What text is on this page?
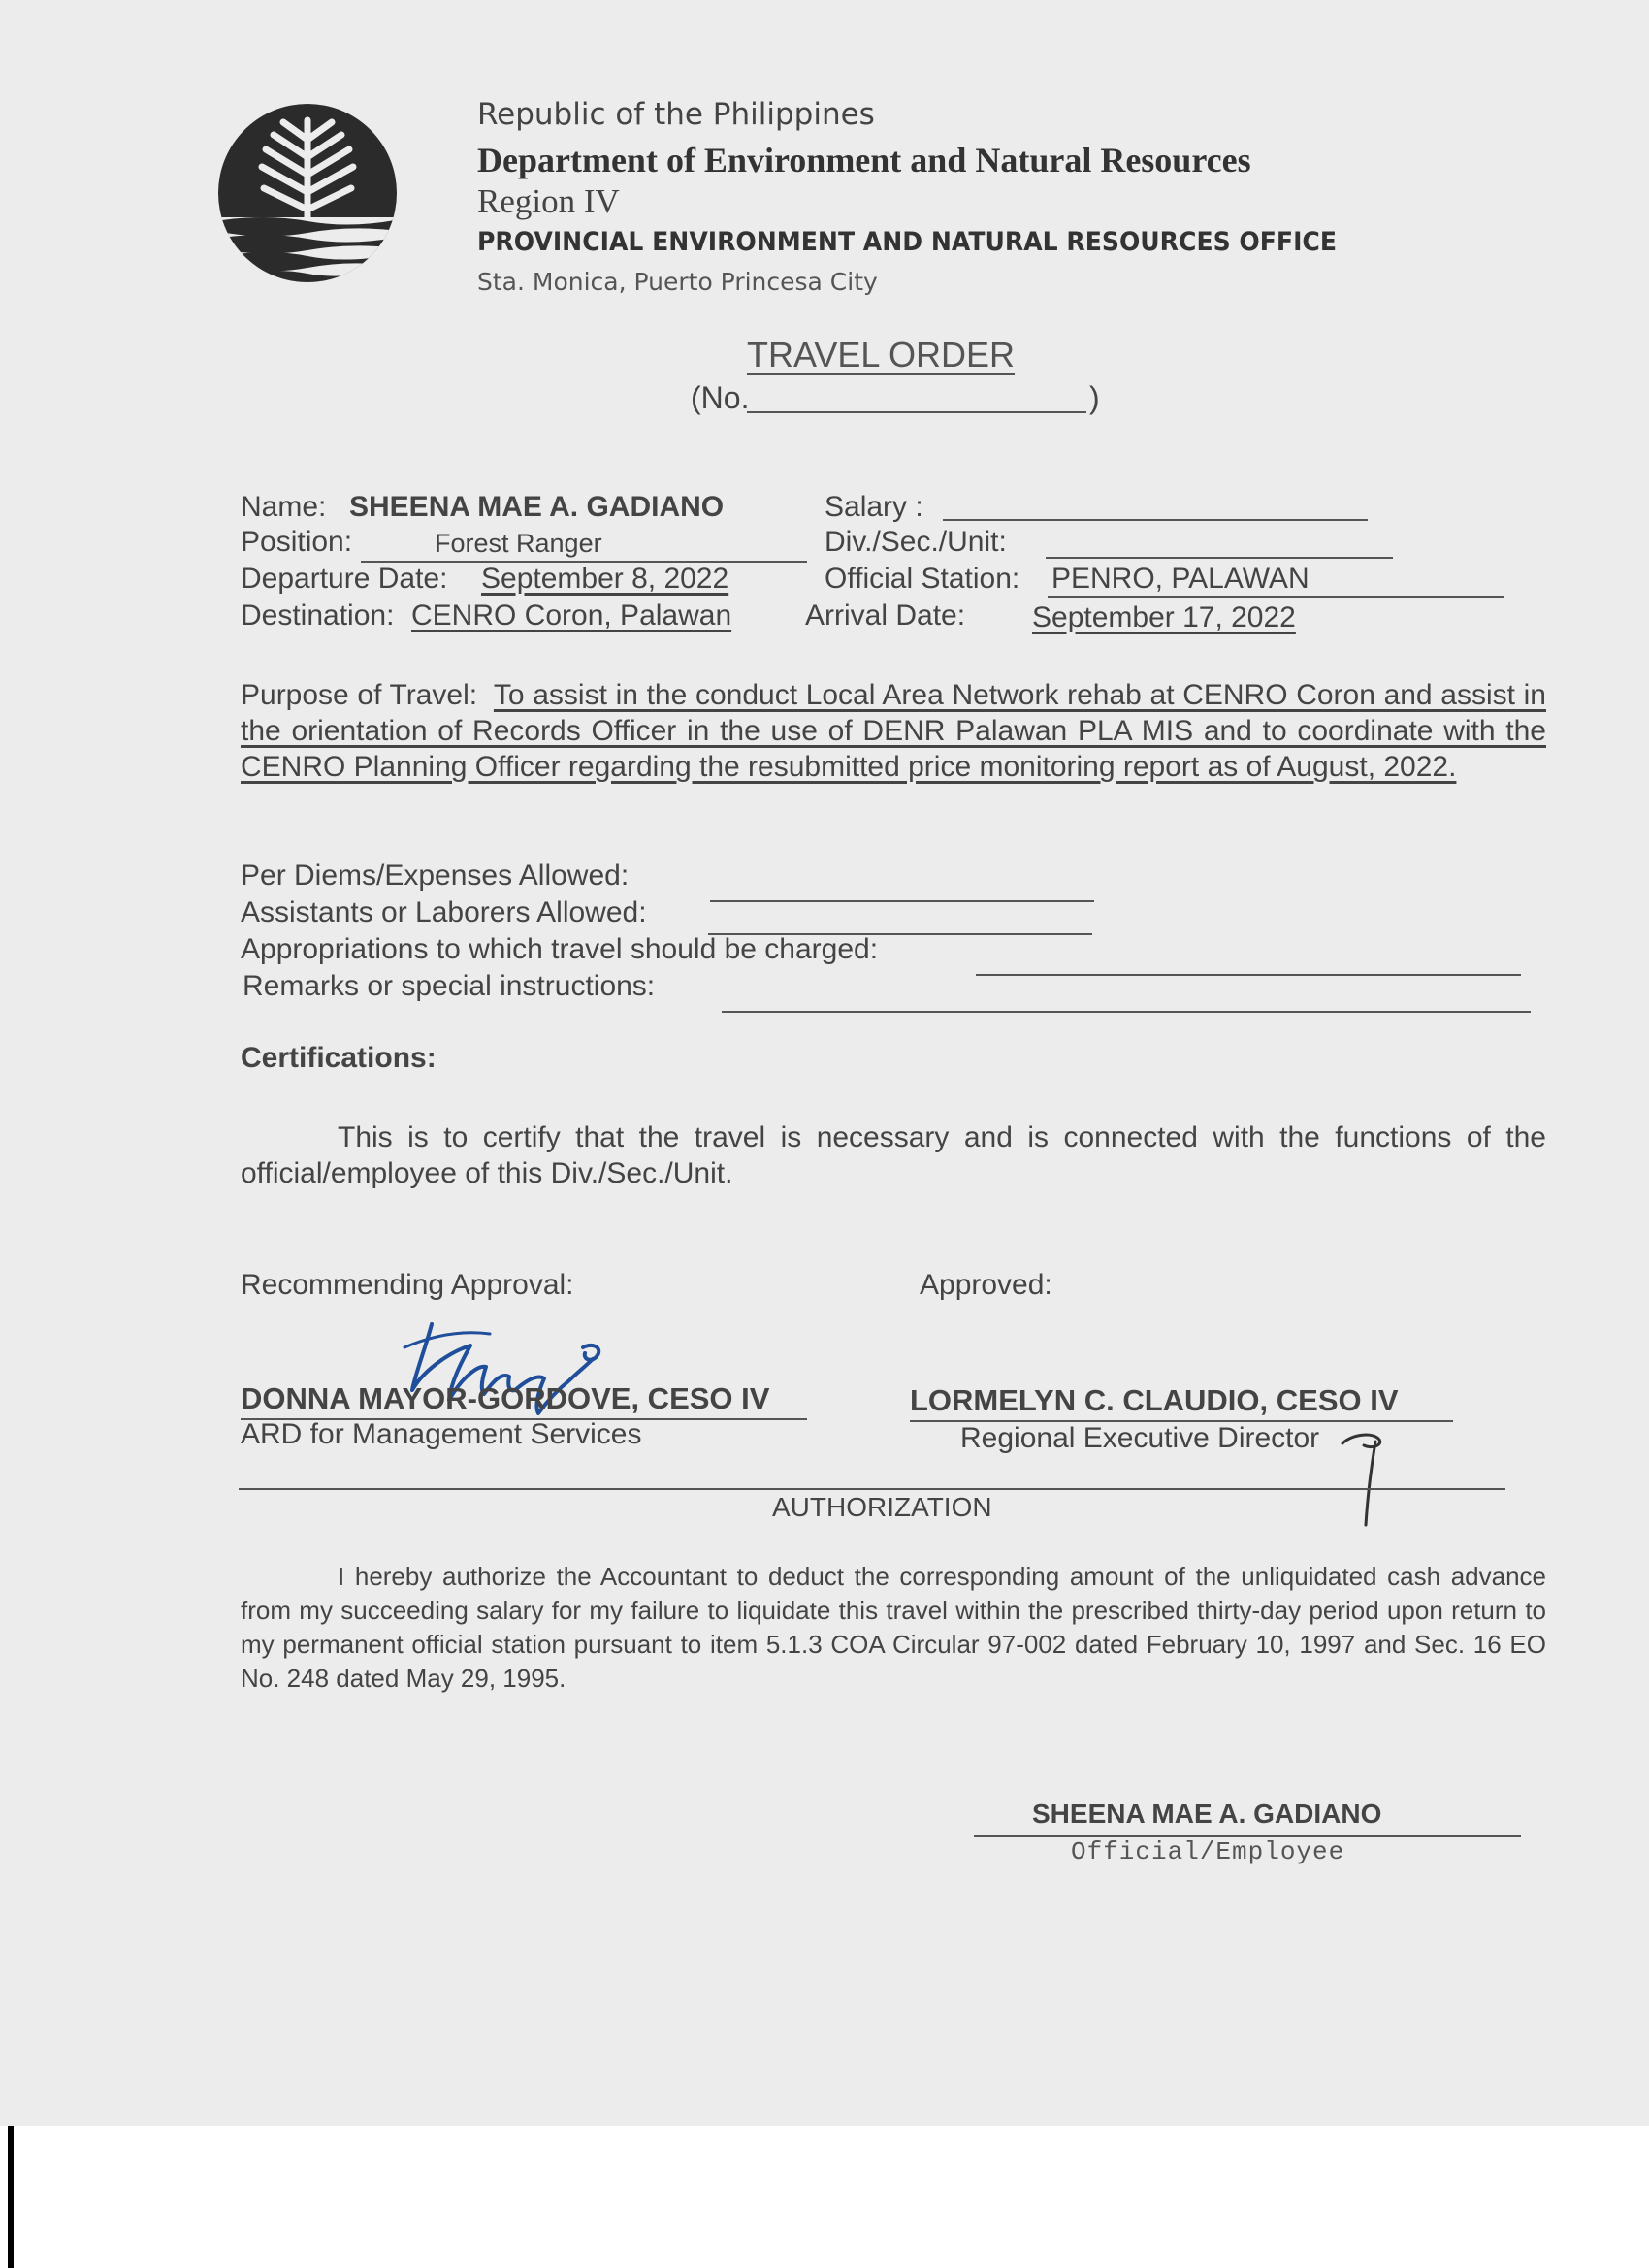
Republic of the Philippines
Department of Environment and Natural Resources
Region IV
PROVINCIAL ENVIRONMENT AND NATURAL RESOURCES OFFICE
Sta. Monica, Puerto Princesa City
TRAVEL ORDER
(No.	)
Name: SHEENA MAE A. GADIANO	Salary :
Position:	Forest Ranger	Div./Sec./Unit:
Departure Date: September 8, 2022	Official Station: PENRO, PALAWAN
Destination: CENRO Coron, Palawan	Arrival Date: September 17, 2022
Purpose of Travel: To assist in the conduct Local Area Network rehab at CENRO Coron and assist in the orientation of Records Officer in the use of DENR Palawan PLA MIS and to coordinate with the CENRO Planning Officer regarding the resubmitted price monitoring report as of August, 2022.
Per Diems/Expenses Allowed:
Assistants or Laborers Allowed:
Appropriations to which travel should be charged:
Remarks or special instructions:
Certifications:
This is to certify that the travel is necessary and is connected with the functions of the official/employee of this Div./Sec./Unit.
Recommending Approval:	Approved:
DONNA MAYOR-GORDOVE, CESO IV
ARD for Management Services
LORMELYN C. CLAUDIO, CESO IV
Regional Executive Director
AUTHORIZATION
I hereby authorize the Accountant to deduct the corresponding amount of the unliquidated cash advance from my succeeding salary for my failure to liquidate this travel within the prescribed thirty-day period upon return to my permanent official station pursuant to item 5.1.3 COA Circular 97-002 dated February 10, 1997 and Sec. 16 EO No. 248 dated May 29, 1995.
SHEENA MAE A. GADIANO
Official/Employee
